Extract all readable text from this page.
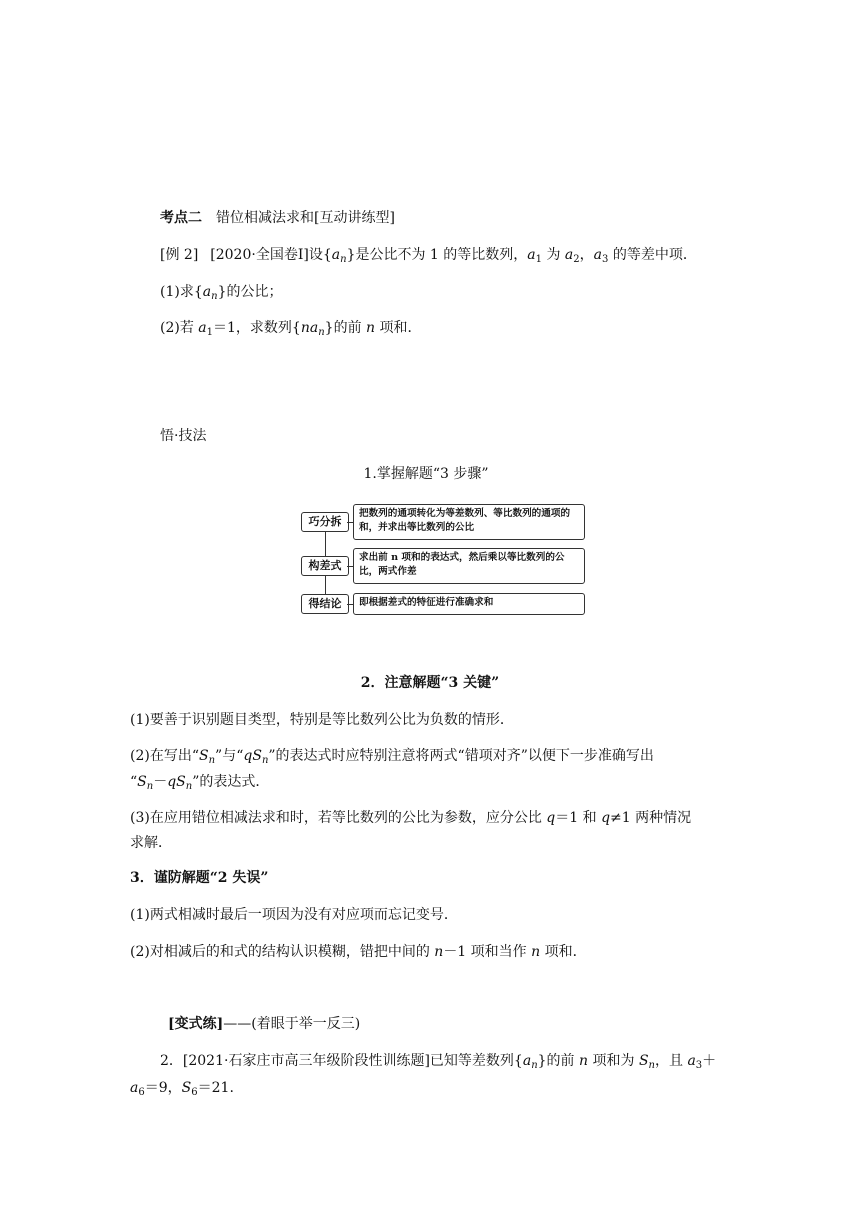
考点二 错位相减法求和[互动讲练型]
[例 2] [2020·全国卷Ⅰ]设$\{a_n\}$是公比不为 1 的等比数列，$a_1$ 为 $a_2$，$a_3$ 的等差中项．
(1)求$\{a_n\}$的公比；
(2)若 $a_1=1$，求数列$\{na_n\}$的前 n 项和．
悟·技法
1.掌握解题“3 步骤”
巧分拆
把数列的通项转化为等差数列、等比数列的通项的和，并求出等比数列的公比
构差式
求出前 n 项和的表达式，然后乘以等比数列的公比，两式作差
得结论	即根据差式的特征进行准确求和
2．注意解题“3 关键”
(1)要善于识别题目类型，特别是等比数列公比为负数的情形．
(2)在写出“$S_n$”与“$qS_n$”的表达式时应特别注意将两式“错项对齐”以便下一步准确写出
“$S_n-qS_n$”的表达式．
(3)在应用错位相减法求和时，若等比数列的公比为参数，应分公比 q＝1 和 q≠1 两种情况
求解．
3．谨防解题“2 失误”
(1)两式相减时最后一项因为没有对应项而忘记变号．
(2)对相减后的和式的结构认识模糊，错把中间的 n－1 项和当作 n 项和．
[变式练]——(着眼于举一反三)
2．[2021·石家庄市高三年级阶段性训练题]已知等差数列$\{a_n\}$的前 n 项和为 $S_n$，且 $a_3+$
$a_6=9$，$S_6=21$.
